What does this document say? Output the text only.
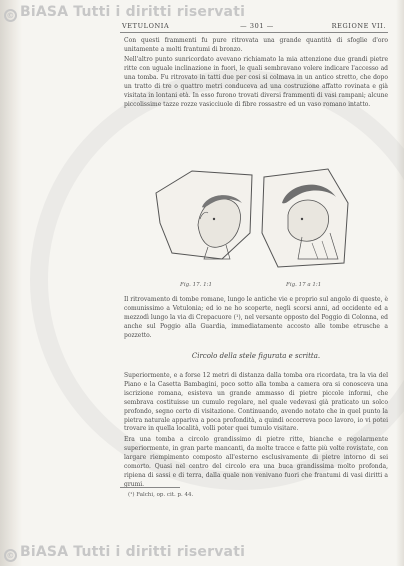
© BiASA Tutti i diritti riservati
VETULONIA	— 301 —	REGIONE VII.

Con questi frammenti fu pure ritrovata una grande quantità di sfoglie d'oro unitamente a molti frantumi di bronzo.

Nell'altro punto sunricordato avevano richiamato la mia attenzione due grandi pietre ritte con uguale inclinazione in fuori, le quali sembravano volere indicare l'accesso ad una tomba. Fu ritrovato in tatti due per cosi si colmava in un antico stretto, che dopo un tratto di tre o quattro metri conduceva ad una costruzione affatto rovinata e già visitata in lontani età. In esso furono trovati diversi frammenti di vasi rampani; alcune piccolissime tazze rozze vasicciuole di fibre rossastre ed un vaso romano intatto.

Fig. 17. 1:1	Fig. 17 a 1:1

Il ritrovamento di tombe romane, lungo le antiche vie e proprio sul angolo di queste, è comunissimo a Vetulonia; ed io ne ho scoperte, negli scorsi anni, ad occidente ed a mezzodì lungo la via di Crepacuore (¹), nel versante opposto del Poggio di Colonna, ed anche sul Poggio alla Guardia, immediatamente accosto alle tombe etrusche a pozzetto.

Circolo della stele figurata e scritta.

Superiormente, e a forse 12 metri di distanza dalla tomba ora ricordata, tra la via del Piano e la Casetta Bambagini, poco sotto alla tomba a camera ora si conosceva una iscrizione romana, esisteva un grande ammasso di pietre piccole informi, che sembrava costituisse un cumulo regolare, nel quale vedevasi già praticato un solco profondo, segno certo di visitazione. Continuando, avendo notato che in quel punto la pietra naturale appariva a poca profondità, a quindi occorreva poco lavoro, io vi potei trovare in quella località, volli poter quei tumulo visitare.

Era una tomba a circolo grandissimo di pietre ritte, bianche e regolarmente superiormente, in gran parte mancanti, da molte tracce e fatte più volte rovistate, con largare riempimento composto all'esterno esclusivamente di pietre intorno di sei comorto. Quasi nel centro del circolo era una buca grandissima molto profonda, ripiena di sassi e di terra, dalla quale non venivano fuori che frantumi di vasi diritti a grumi.

(¹) Falchi, op. cit. p. 44.
© BiASA Tutti i diritti riservati
